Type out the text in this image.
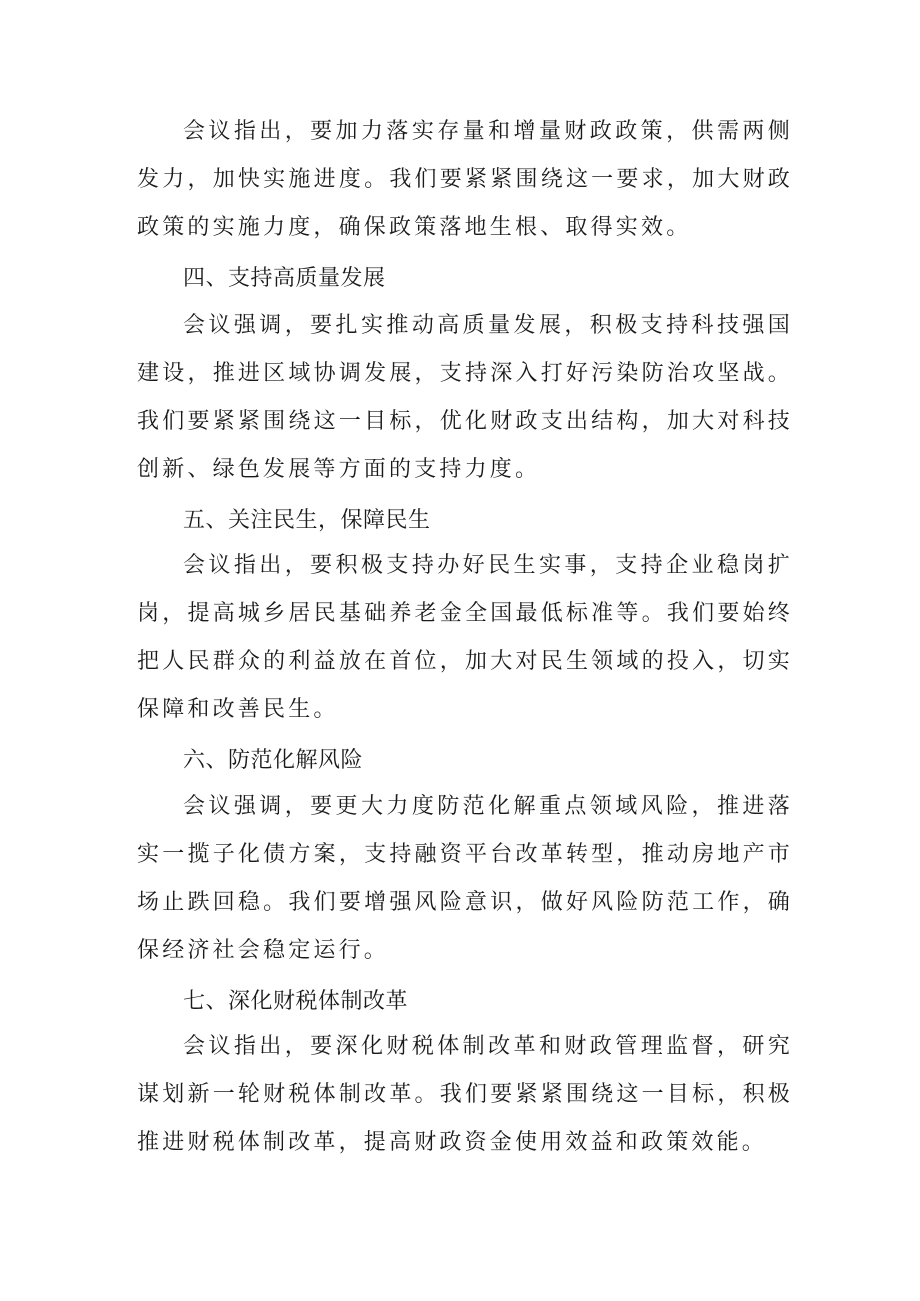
会议指出，要加力落实存量和增量财政政策，供需两侧发力，加快实施进度。我们要紧紧围绕这一要求，加大财政政策的实施力度，确保政策落地生根、取得实效。

四、支持高质量发展

会议强调，要扎实推动高质量发展，积极支持科技强国建设，推进区域协调发展，支持深入打好污染防治攻坚战。我们要紧紧围绕这一目标，优化财政支出结构，加大对科技创新、绿色发展等方面的支持力度。

五、关注民生，保障民生

会议指出，要积极支持办好民生实事，支持企业稳岗扩岗，提高城乡居民基础养老金全国最低标准等。我们要始终把人民群众的利益放在首位，加大对民生领域的投入，切实保障和改善民生。

六、防范化解风险

会议强调，要更大力度防范化解重点领域风险，推进落实一揽子化债方案，支持融资平台改革转型，推动房地产市场止跌回稳。我们要增强风险意识，做好风险防范工作，确保经济社会稳定运行。

七、深化财税体制改革

会议指出，要深化财税体制改革和财政管理监督，研究谋划新一轮财税体制改革。我们要紧紧围绕这一目标，积极推进财税体制改革，提高财政资金使用效益和政策效能。
